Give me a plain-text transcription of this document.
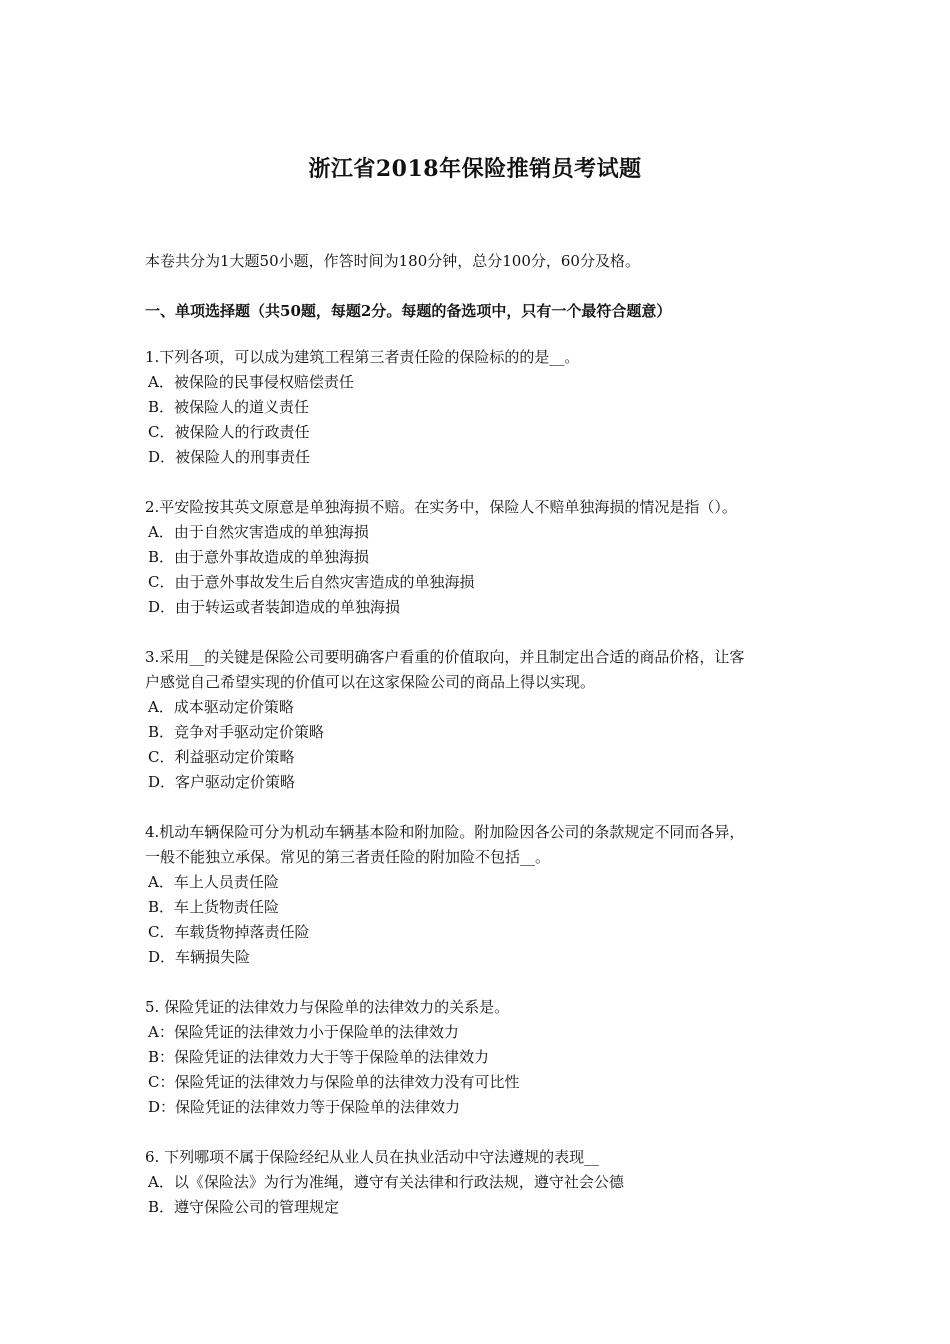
浙江省2018年保险推销员考试题
本卷共分为1大题50小题，作答时间为180分钟，总分100分，60分及格。
一、单项选择题（共50题，每题2分。每题的备选项中，只有一个最符合题意）

1.下列各项，可以成为建筑工程第三者责任险的保险标的的是__。

A．被保险的民事侵权赔偿责任

B．被保险人的道义责任

C．被保险人的行政责任

D．被保险人的刑事责任

2.平安险按其英文原意是单独海损不赔。在实务中，保险人不赔单独海损的情况是指（）。

A．由于自然灾害造成的单独海损

B．由于意外事故造成的单独海损

C．由于意外事故发生后自然灾害造成的单独海损

D．由于转运或者装卸造成的单独海损

3.采用__的关键是保险公司要明确客户看重的价值取向，并且制定出合适的商品价格，让客

户感觉自己希望实现的价值可以在这家保险公司的商品上得以实现。

A．成本驱动定价策略

B．竞争对手驱动定价策略

C．利益驱动定价策略

D．客户驱动定价策略

4.机动车辆保险可分为机动车辆基本险和附加险。附加险因各公司的条款规定不同而各异，

一般不能独立承保。常见的第三者责任险的附加险不包括__。

A．车上人员责任险

B．车上货物责任险

C．车载货物掉落责任险

D．车辆损失险

5. 保险凭证的法律效力与保险单的法律效力的关系是。

A：保险凭证的法律效力小于保险单的法律效力

B：保险凭证的法律效力大于等于保险单的法律效力

C：保险凭证的法律效力与保险单的法律效力没有可比性

D：保险凭证的法律效力等于保险单的法律效力

6. 下列哪项不属于保险经纪从业人员在执业活动中守法遵规的表现__

A．以《保险法》为行为准绳，遵守有关法律和行政法规，遵守社会公德

B．遵守保险公司的管理规定
